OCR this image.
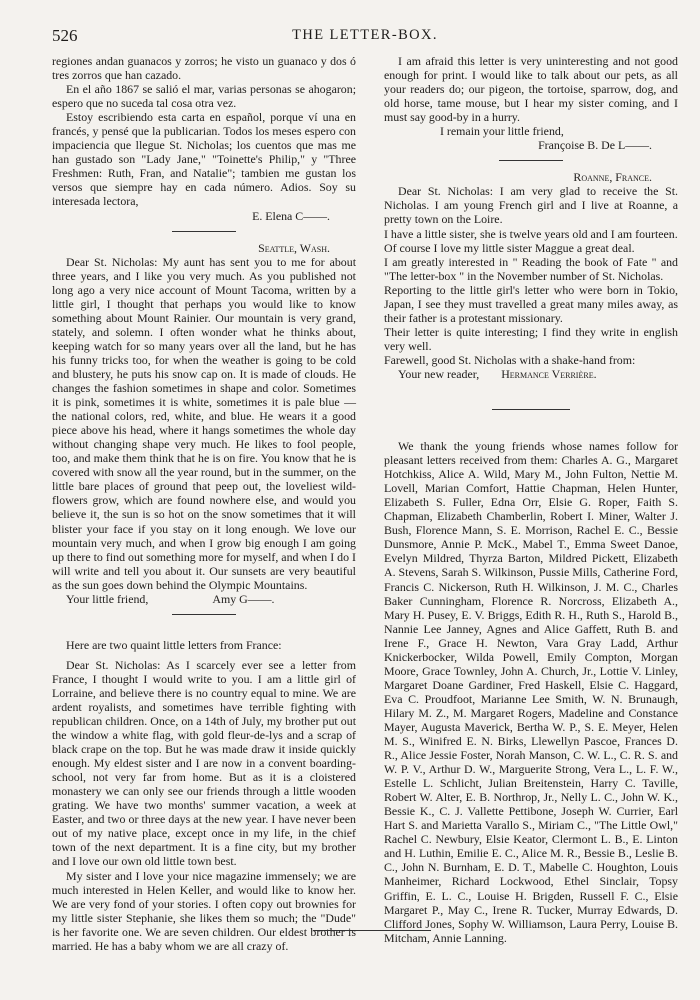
526	THE LETTER-BOX.

regiones andan guanacos y zorros; he visto un guanaco y dos ó tres zorros que han cazado.

En el año 1867 se salió el mar, varias personas se ahogaron; espero que no suceda tal cosa otra vez.

Estoy escribiendo esta carta en español, porque ví una en francés, y pensé que la publicarian. Todos los meses espero con impaciencia que llegue St. Nicholas; los cuentos que mas me han gustado son "Lady Jane," "Toinette's Philip," y "Three Freshmen: Ruth, Fran, and Natalie"; tambien me gustan los versos que siempre hay en cada número. Adios. Soy su interesada lectora,

E. Elena C——.

Seattle, Wash.

Dear St. Nicholas: My aunt has sent you to me for about three years, and I like you very much. As you published not long ago a very nice account of Mount Tacoma, written by a little girl, I thought that perhaps you would like to know something about Mount Rainier. Our mountain is very grand, stately, and solemn. I often wonder what he thinks about, keeping watch for so many years over all the land, but he has his funny tricks too, for when the weather is going to be cold and blustery, he puts his snow cap on. It is made of clouds. He changes the fashion sometimes in shape and color. Sometimes it is pink, sometimes it is white, sometimes it is pale blue — the national colors, red, white, and blue. He wears it a good piece above his head, where it hangs sometimes the whole day without changing shape very much. He likes to fool people, too, and make them think that he is on fire. You know that he is covered with snow all the year round, but in the summer, on the little bare places of ground that peep out, the loveliest wild-flowers grow, which are found nowhere else, and would you believe it, the sun is so hot on the snow sometimes that it will blister your face if you stay on it long enough. We love our mountain very much, and when I grow big enough I am going up there to find out something more for myself, and when I do I will write and tell you about it. Our sunsets are very beautiful as the sun goes down behind the Olympic Mountains.

Your little friend,	Amy G——.

Here are two quaint little letters from France:

Dear St. Nicholas: As I scarcely ever see a letter from France, I thought I would write to you. I am a little girl of Lorraine, and believe there is no country equal to mine. We are ardent royalists, and sometimes have terrible fighting with republican children. Once, on a 14th of July, my brother put out the window a white flag, with gold fleur-de-lys and a scrap of black crape on the top. But he was made draw it inside quickly enough. My eldest sister and I are now in a convent boarding-school, not very far from home. But as it is a cloistered monastery we can only see our friends through a little wooden grating. We have two months' summer vacation, a week at Easter, and two or three days at the new year. I have never been out of my native place, except once in my life, in the chief town of the next department. It is a fine city, but my brother and I love our own old little town best.

My sister and I love your nice magazine immensely; we are much interested in Helen Keller, and would like to know her. We are very fond of your stories. I often copy out brownies for my little sister Stephanie, she likes them so much; the "Dude" is her favorite one. We are seven children. Our eldest brother is married. He has a baby whom we are all crazy of.

I am afraid this letter is very uninteresting and not good enough for print. I would like to talk about our pets, as all your readers do; our pigeon, the tortoise, sparrow, dog, and old horse, tame mouse, but I hear my sister coming, and I must say good-by in a hurry.

I remain your little friend,

Françoise B. De L——.

Roanne, France.

Dear St. Nicholas: I am very glad to receive the St. Nicholas. I am young French girl and I live at Roanne, a pretty town on the Loire.

I have a little sister, she is twelve years old and I am fourteen.

Of course I love my little sister Maggue a great deal.

I am greatly interested in " Reading the book of Fate " and "The letter-box " in the November number of St. Nicholas.

Reporting to the little girl's letter who were born in Tokio, Japan, I see they must travelled a great many miles away, as their father is a protestant missionary.

Their letter is quite interesting; I find they write in english very well.

Farewell, good St. Nicholas with a shake-hand from:

Your new reader, Hermance Verrière.

We thank the young friends whose names follow for pleasant letters received from them: Charles A. G., Margaret Hotchkiss, Alice A. Wild, Mary M., John Fulton, Nettie M. Lovell, Marian Comfort, Hattie Chapman, Helen Hunter, Elizabeth S. Fuller, Edna Orr, Elsie G. Roper, Faith S. Chapman, Elizabeth Chamberlin, Robert I. Miner, Walter J. Bush, Florence Mann, S. E. Morrison, Rachel E. C., Bessie Dunsmore, Annie P. McK., Mabel T., Emma Sweet Danoe, Evelyn Mildred, Thyrza Barton, Mildred Pickett, Elizabeth A. Stevens, Sarah S. Wilkinson, Pussie Mills, Catherine Ford, Francis C. Nickerson, Ruth H. Wilkinson, J. M. C., Charles Baker Cunningham, Florence R. Norcross, Elizabeth A., Mary H. Pusey, E. V. Briggs, Edith R. H., Ruth S., Harold B., Nannie Lee Janney, Agnes and Alice Gaffett, Ruth B. and Irene F., Grace H. Newton, Vara Gray Ladd, Arthur Knickerbocker, Wilda Powell, Emily Compton, Morgan Moore, Grace Townley, John A. Church, Jr., Lottie V. Linley, Margaret Doane Gardiner, Fred Haskell, Elsie C. Haggard, Eva C. Proudfoot, Marianne Lee Smith, W. N. Brunaugh, Hilary M. Z., M. Margaret Rogers, Madeline and Constance Mayer, Augusta Maverick, Bertha W. P., S. E. Meyer, Helen M. S., Winifred E. N. Birks, Llewellyn Pascoe, Frances D. R., Alice Jessie Foster, Norah Manson, C. W. L., C. R. S. and W. P. V., Arthur D. W., Marguerite Strong, Vera L., L. F. W., Estelle L. Schlicht, Julian Breitenstein, Harry C. Taville, Robert W. Alter, E. B. Northrop, Jr., Nelly L. C., John W. K., Bessie K., C. J. Vallette Pettibone, Joseph W. Currier, Earl Hart S. and Marietta Varallo S., Miriam C., "The Little Owl," Rachel C. Newbury, Elsie Keator, Clermont L. B., E. Linton and H. Luthin, Emilie E. C., Alice M. R., Bessie B., Leslie B. C., John N. Burnham, E. D. T., Mabelle C. Houghton, Louis Manheimer, Richard Lockwood, Ethel Sinclair, Topsy Griffin, E. L. C., Louise H. Brigden, Russell F. C., Elsie Margaret P., May C., Irene R. Tucker, Murray Edwards, D. Clifford Jones, Sophy W. Williamson, Laura Perry, Louise B. Mitcham, Annie Lanning.
